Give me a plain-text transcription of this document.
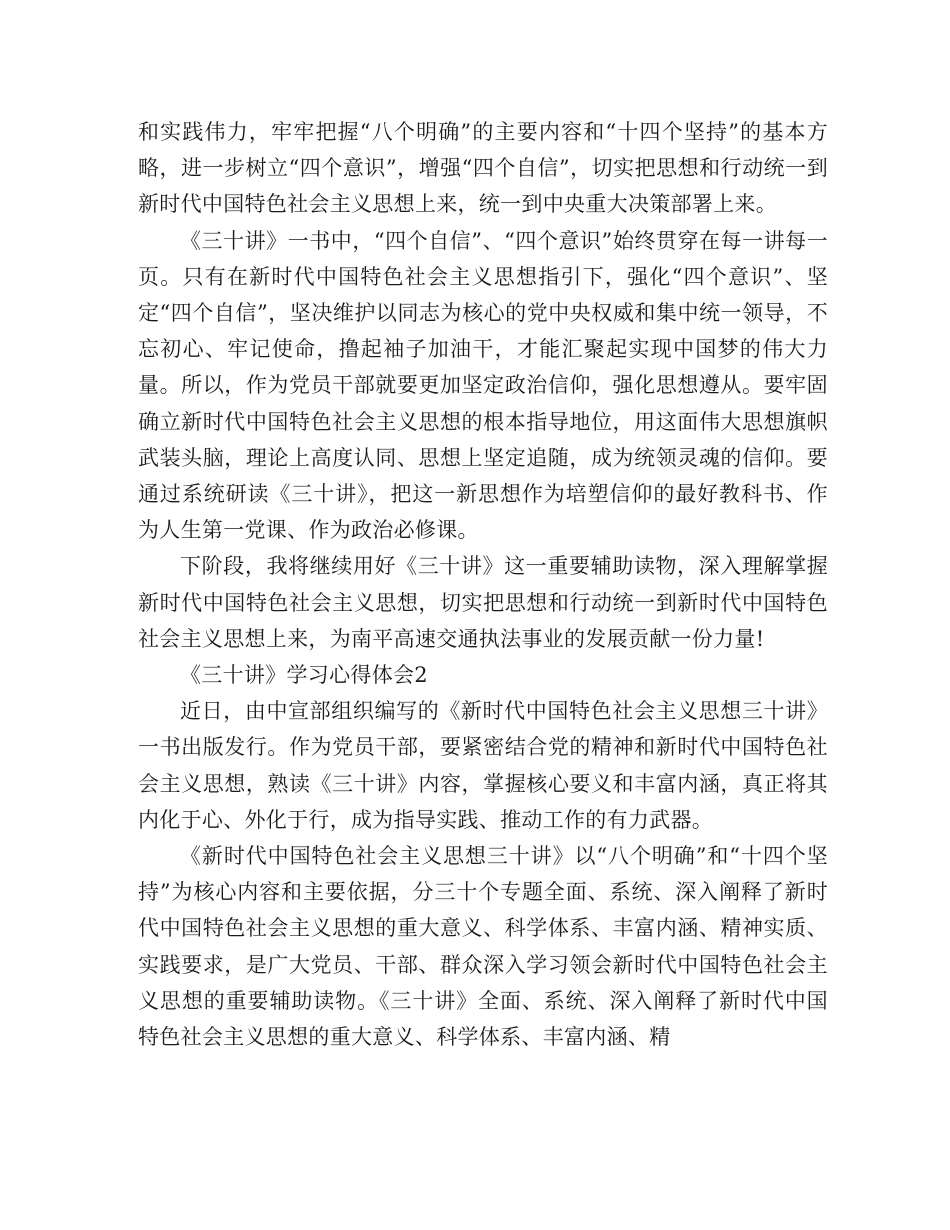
和实践伟力，牢牢把握“八个明确”的主要内容和“十四个坚持”的基本方略，进一步树立“四个意识”，增强“四个自信”，切实把思想和行动统一到新时代中国特色社会主义思想上来，统一到中央重大决策部署上来。

《三十讲》一书中，“四个自信”、“四个意识”始终贯穿在每一讲每一页。只有在新时代中国特色社会主义思想指引下，强化“四个意识”、坚定“四个自信”，坚决维护以同志为核心的党中央权威和集中统一领导，不忘初心、牢记使命，撸起袖子加油干，才能汇聚起实现中国梦的伟大力量。所以，作为党员干部就要更加坚定政治信仰，强化思想遵从。要牢固确立新时代中国特色社会主义思想的根本指导地位，用这面伟大思想旗帜武装头脑，理论上高度认同、思想上坚定追随，成为统领灵魂的信仰。要通过系统研读《三十讲》，把这一新思想作为培塑信仰的最好教科书、作为人生第一党课、作为政治必修课。

下阶段，我将继续用好《三十讲》这一重要辅助读物，深入理解掌握新时代中国特色社会主义思想，切实把思想和行动统一到新时代中国特色社会主义思想上来，为南平高速交通执法事业的发展贡献一份力量!

《三十讲》学习心得体会2

近日，由中宣部组织编写的《新时代中国特色社会主义思想三十讲》一书出版发行。作为党员干部，要紧密结合党的精神和新时代中国特色社会主义思想，熟读《三十讲》内容，掌握核心要义和丰富内涵，真正将其内化于心、外化于行，成为指导实践、推动工作的有力武器。

《新时代中国特色社会主义思想三十讲》以“八个明确”和“十四个坚持”为核心内容和主要依据，分三十个专题全面、系统、深入阐释了新时代中国特色社会主义思想的重大意义、科学体系、丰富内涵、精神实质、实践要求，是广大党员、干部、群众深入学习领会新时代中国特色社会主义思想的重要辅助读物。《三十讲》全面、系统、深入阐释了新时代中国特色社会主义思想的重大意义、科学体系、丰富内涵、精
